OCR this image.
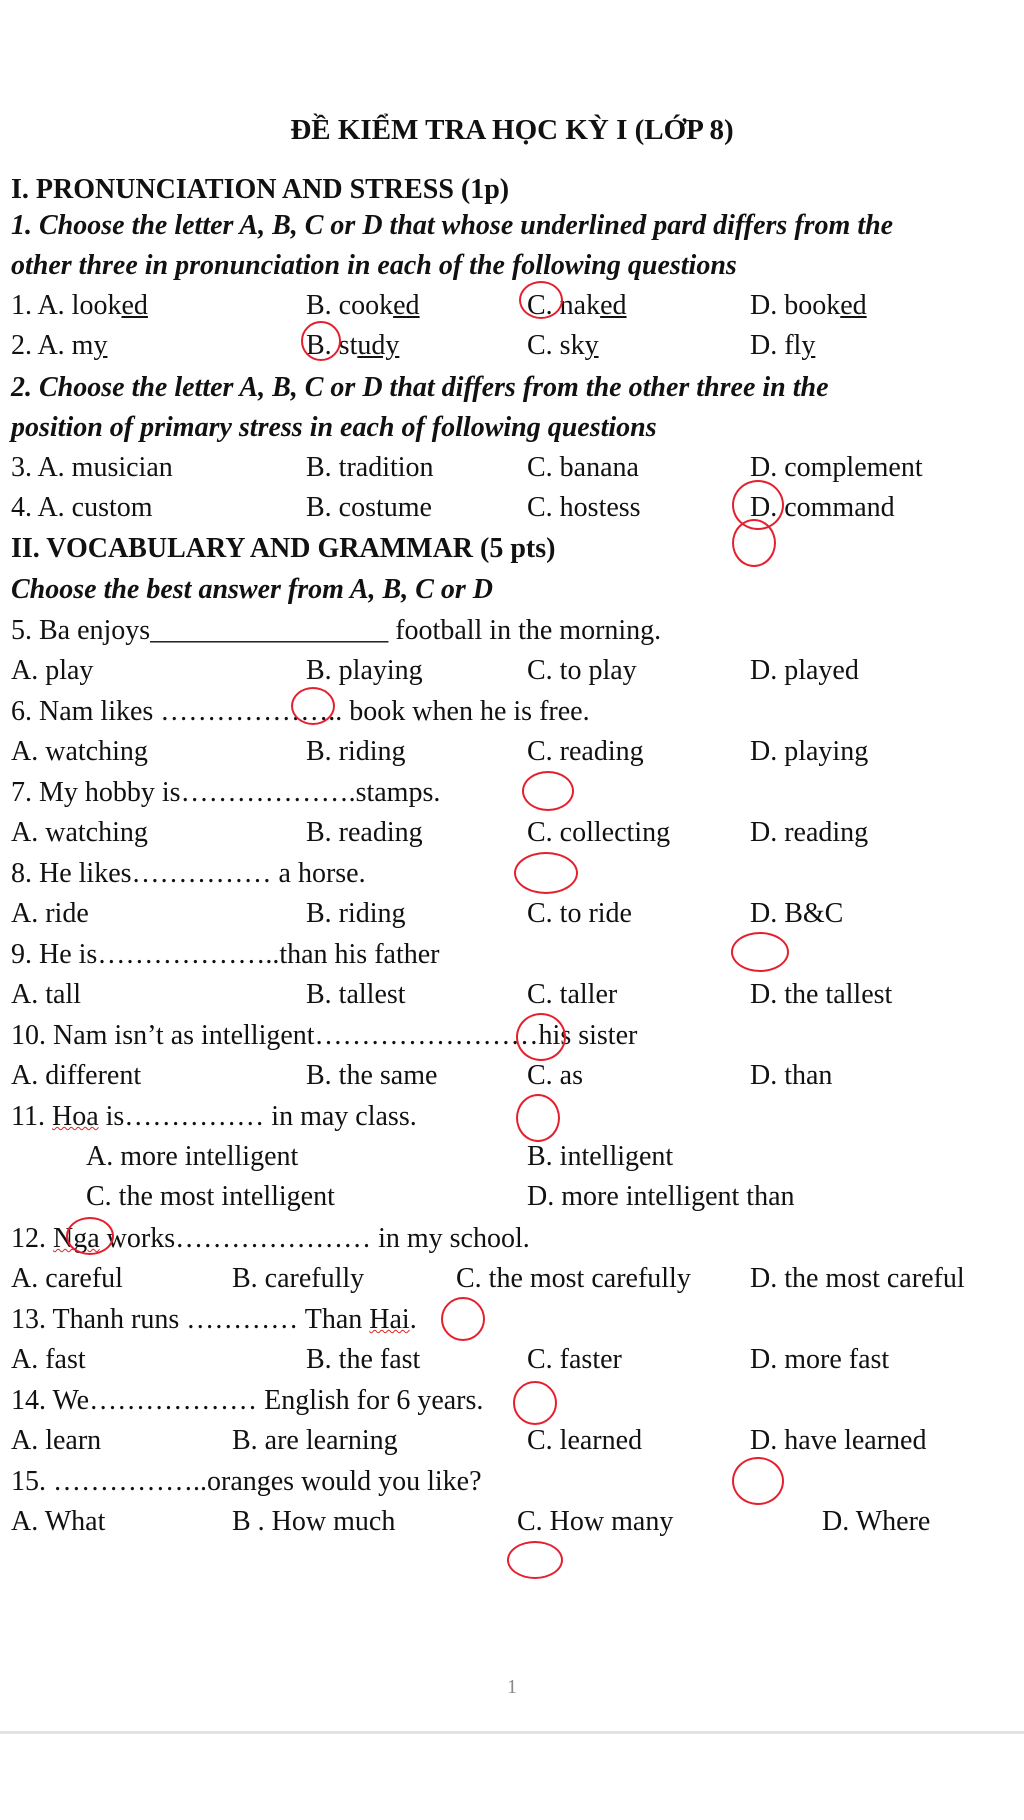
ĐỀ KIỂM TRA HỌC KỲ I (LỚP 8)
I. PRONUNCIATION AND STRESS (1p)
1. Choose the letter A, B, C or D that whose underlined pard differs from the
other three in pronunciation in each of the following questions
1. A. looked	B. cooked	C. naked	D. booked
2. A. my	B. study	C. sky	D. fly
2. Choose the letter A, B, C or D that differs from the other three in the
position of primary stress in each of following questions
3. A. musician	B. tradition	C. banana	D. complement
4. A. custom	B. costume	C. hostess	D. command
II. VOCABULARY AND GRAMMAR (5 pts)
Choose the best answer from A, B, C or D
5. Ba enjoys_________________ football in the morning.
A. play	B. playing	C. to play	D. played
6. Nam likes ……………….. book when he is free.
A. watching	B. riding	C. reading	D. playing
7. My hobby is……………….stamps.
A. watching	B. reading	C. collecting	D. reading
8. He likes…………… a horse.
A. ride	B. riding	C. to ride	D. B&C
9. He is………………..than his father
A. tall	B. tallest	C. taller	D. the tallest
10. Nam isn’t as intelligent……………………his sister
A. different	B. the same	C. as	D. than
11. Hoa is…………… in may class.
A. more intelligent	B. intelligent
C. the most intelligent	D. more intelligent than
12. Nga works………………… in my school.
A. careful	B. carefully	C. the most carefully D. the most careful
13. Thanh runs ………… Than Hai.
A. fast	B. the fast	C. faster	D. more fast
14. We……………… English for 6 years.
A. learn	B. are learning	C. learned	D. have learned
15. ……………..oranges would you like?
A. What	B . How much	C. How many	D. Where
1
